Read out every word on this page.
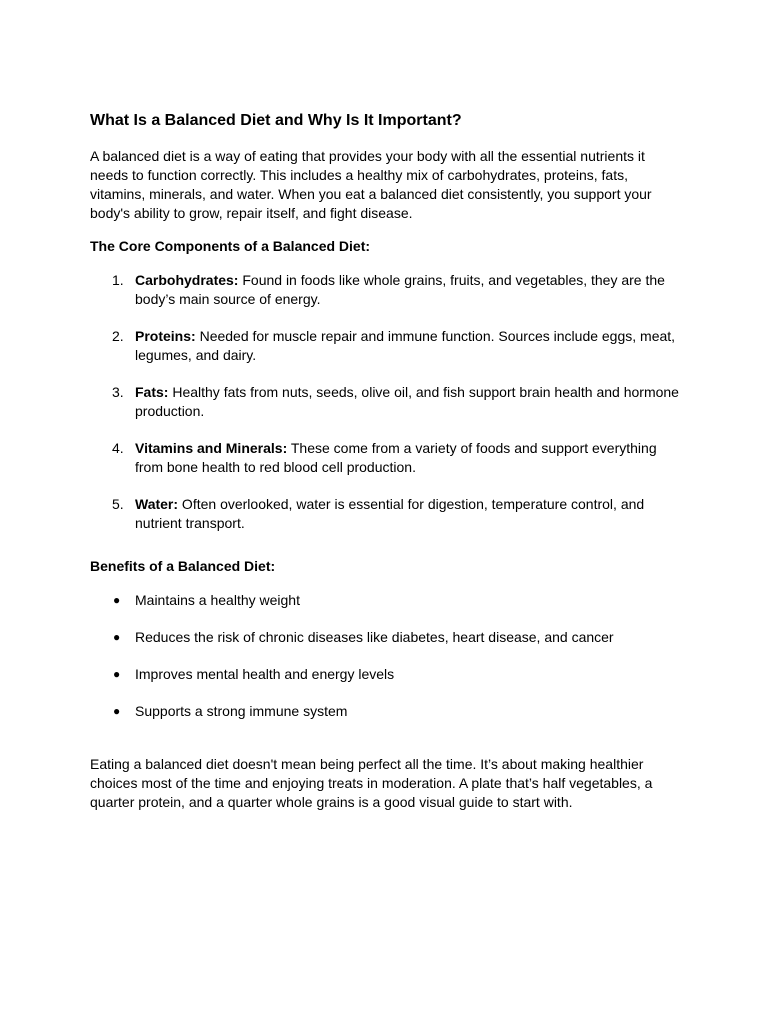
What Is a Balanced Diet and Why Is It Important?

A balanced diet is a way of eating that provides your body with all the essential nutrients it needs to function correctly. This includes a healthy mix of carbohydrates, proteins, fats, vitamins, minerals, and water. When you eat a balanced diet consistently, you support your body's ability to grow, repair itself, and fight disease.

The Core Components of a Balanced Diet:

1. Carbohydrates: Found in foods like whole grains, fruits, and vegetables, they are the body’s main source of energy.
2. Proteins: Needed for muscle repair and immune function. Sources include eggs, meat, legumes, and dairy.
3. Fats: Healthy fats from nuts, seeds, olive oil, and fish support brain health and hormone production.
4. Vitamins and Minerals: These come from a variety of foods and support everything from bone health to red blood cell production.
5. Water: Often overlooked, water is essential for digestion, temperature control, and nutrient transport.

Benefits of a Balanced Diet:

● Maintains a healthy weight
● Reduces the risk of chronic diseases like diabetes, heart disease, and cancer
● Improves mental health and energy levels
● Supports a strong immune system

Eating a balanced diet doesn't mean being perfect all the time. It’s about making healthier choices most of the time and enjoying treats in moderation. A plate that’s half vegetables, a quarter protein, and a quarter whole grains is a good visual guide to start with.
